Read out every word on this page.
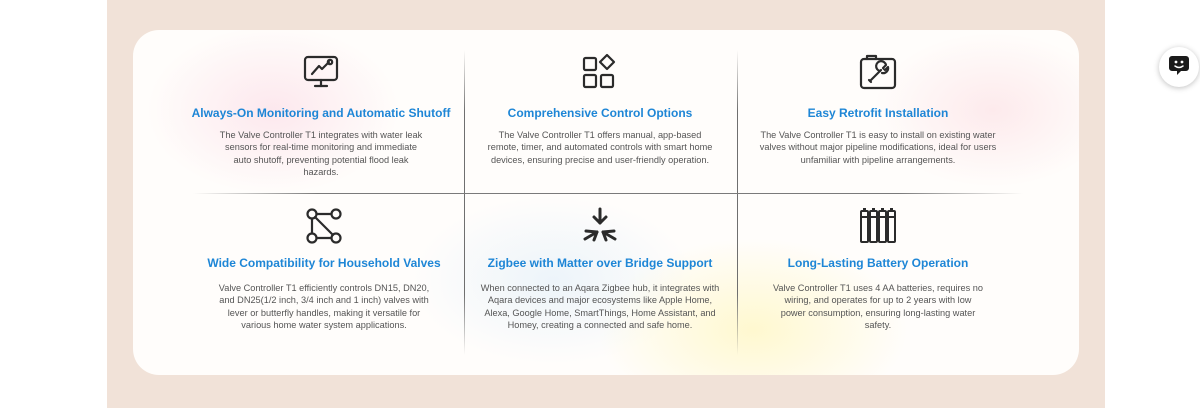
Always-On Monitoring and Automatic Shutoff
The Valve Controller T1 integrates with water leak sensors for real-time monitoring and immediate auto shutoff, preventing potential flood leak hazards.
Comprehensive Control Options
The Valve Controller T1 offers manual, app-based remote, timer, and automated controls with smart home devices, ensuring precise and user-friendly operation.
Easy Retrofit Installation
The Valve Controller T1 is easy to install on existing water valves without major pipeline modifications, ideal for users unfamiliar with pipeline arrangements.
Wide Compatibility for Household Valves
Valve Controller T1 efficiently controls DN15, DN20, and DN25(1/2 inch, 3/4 inch and 1 inch) valves with lever or butterfly handles, making it versatile for various home water system applications.
Zigbee with Matter over Bridge Support
When connected to an Aqara Zigbee hub, it integrates with Aqara devices and major ecosystems like Apple Home, Alexa, Google Home, SmartThings, Home Assistant, and Homey, creating a connected and safe home.
Long-Lasting Battery Operation
Valve Controller T1 uses 4 AA batteries, requires no wiring, and operates for up to 2 years with low power consumption, ensuring long-lasting water safety.
